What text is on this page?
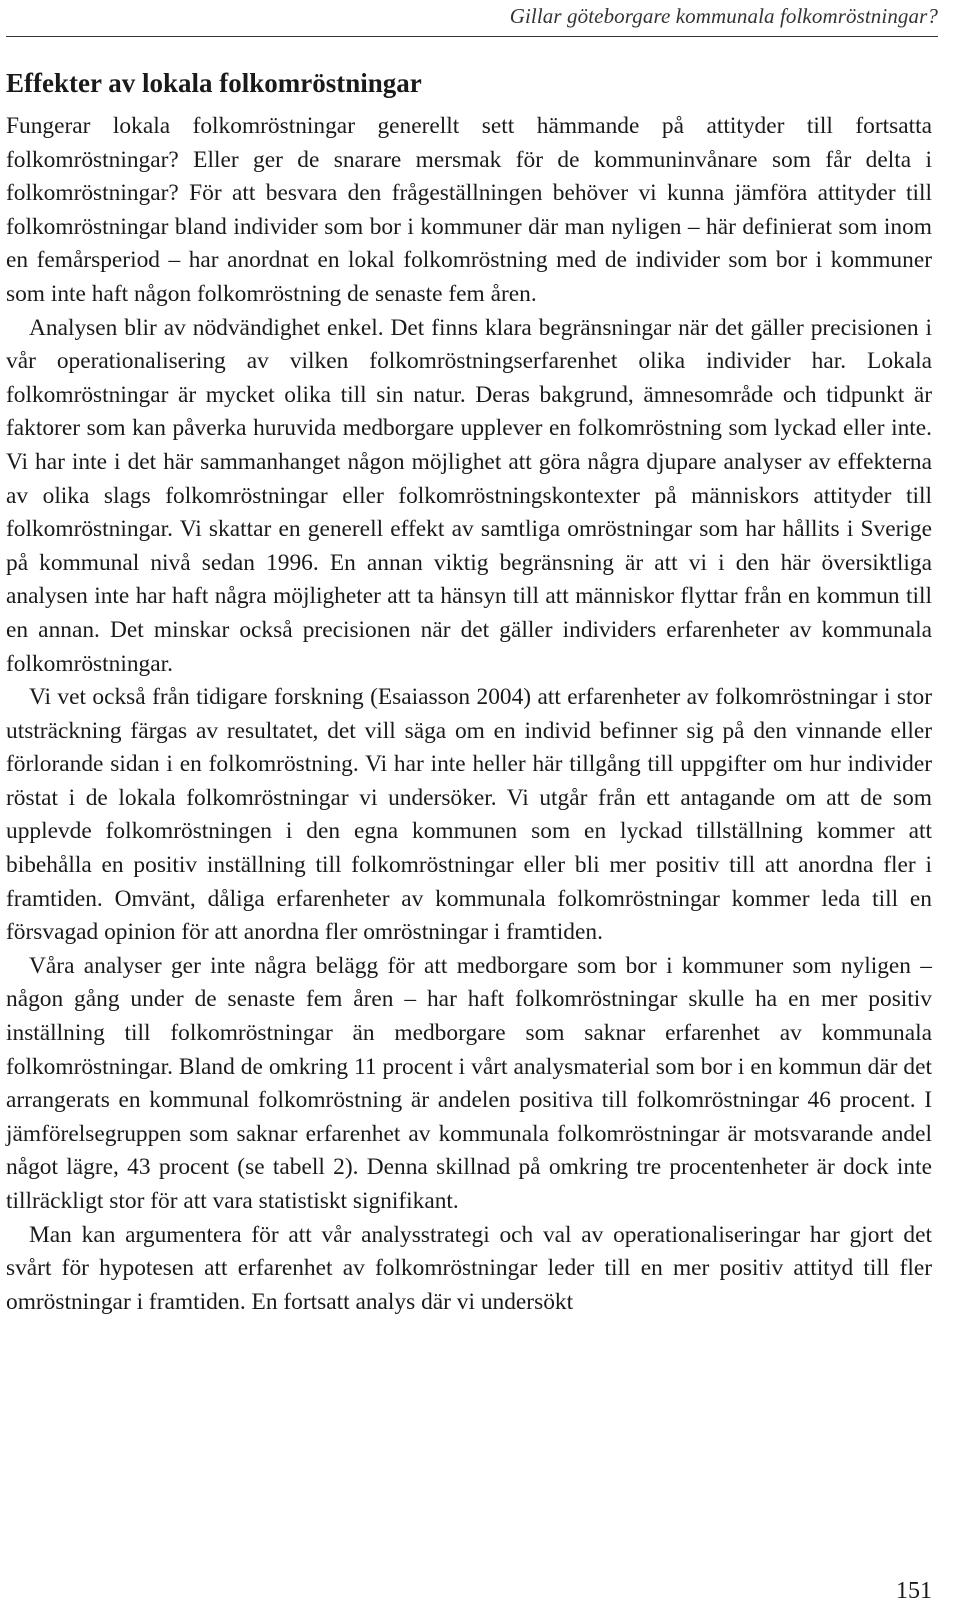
Gillar göteborgare kommunala folkomröstningar?
Effekter av lokala folkomröstningar

Fungerar lokala folkomröstningar generellt sett hämmande på attityder till fortsatta folkomröstningar? Eller ger de snarare mersmak för de kommuninvånare som får delta i folkomröstningar? För att besvara den frågeställningen behöver vi kunna jämföra attityder till folkomröstningar bland individer som bor i kommuner där man nyligen – här definierat som inom en femårsperiod – har anordnat en lokal folkomröstning med de individer som bor i kommuner som inte haft någon folkomröstning de senaste fem åren.

Analysen blir av nödvändighet enkel. Det finns klara begränsningar när det gäller precisionen i vår operationalisering av vilken folkomröstningserfarenhet olika individer har. Lokala folkomröstningar är mycket olika till sin natur. Deras bakgrund, ämnesområde och tidpunkt är faktorer som kan påverka huruvida medborgare upplever en folkomröstning som lyckad eller inte. Vi har inte i det här sammanhanget någon möjlighet att göra några djupare analyser av effekterna av olika slags folkomröstningar eller folkomröstningskontexter på människors attityder till folkomröstningar. Vi skattar en generell effekt av samtliga omröstningar som har hållits i Sverige på kommunal nivå sedan 1996. En annan viktig begränsning är att vi i den här översiktliga analysen inte har haft några möjligheter att ta hänsyn till att människor flyttar från en kommun till en annan. Det minskar också precisionen när det gäller individers erfarenheter av kommunala folkomröstningar.

Vi vet också från tidigare forskning (Esaiasson 2004) att erfarenheter av folkomröstningar i stor utsträckning färgas av resultatet, det vill säga om en individ befinner sig på den vinnande eller förlorande sidan i en folkomröstning. Vi har inte heller här tillgång till uppgifter om hur individer röstat i de lokala folkomröstningar vi undersöker. Vi utgår från ett antagande om att de som upplevde folkomröstningen i den egna kommunen som en lyckad tillställning kommer att bibehålla en positiv inställning till folkomröstningar eller bli mer positiv till att anordna fler i framtiden. Omvänt, dåliga erfarenheter av kommunala folkomröstningar kommer leda till en försvagad opinion för att anordna fler omröstningar i framtiden.

Våra analyser ger inte några belägg för att medborgare som bor i kommuner som nyligen – någon gång under de senaste fem åren – har haft folkomröstningar skulle ha en mer positiv inställning till folkomröstningar än medborgare som saknar erfarenhet av kommunala folkomröstningar. Bland de omkring 11 procent i vårt analysmaterial som bor i en kommun där det arrangerats en kommunal folkomröstning är andelen positiva till folkomröstningar 46 procent. I jämförelsegruppen som saknar erfarenhet av kommunala folkomröstningar är motsvarande andel något lägre, 43 procent (se tabell 2). Denna skillnad på omkring tre procentenheter är dock inte tillräckligt stor för att vara statistiskt signifikant.

Man kan argumentera för att vår analysstrategi och val av operationaliseringar har gjort det svårt för hypotesen att erfarenhet av folkomröstningar leder till en mer positiv attityd till fler omröstningar i framtiden. En fortsatt analys där vi undersökt

151
